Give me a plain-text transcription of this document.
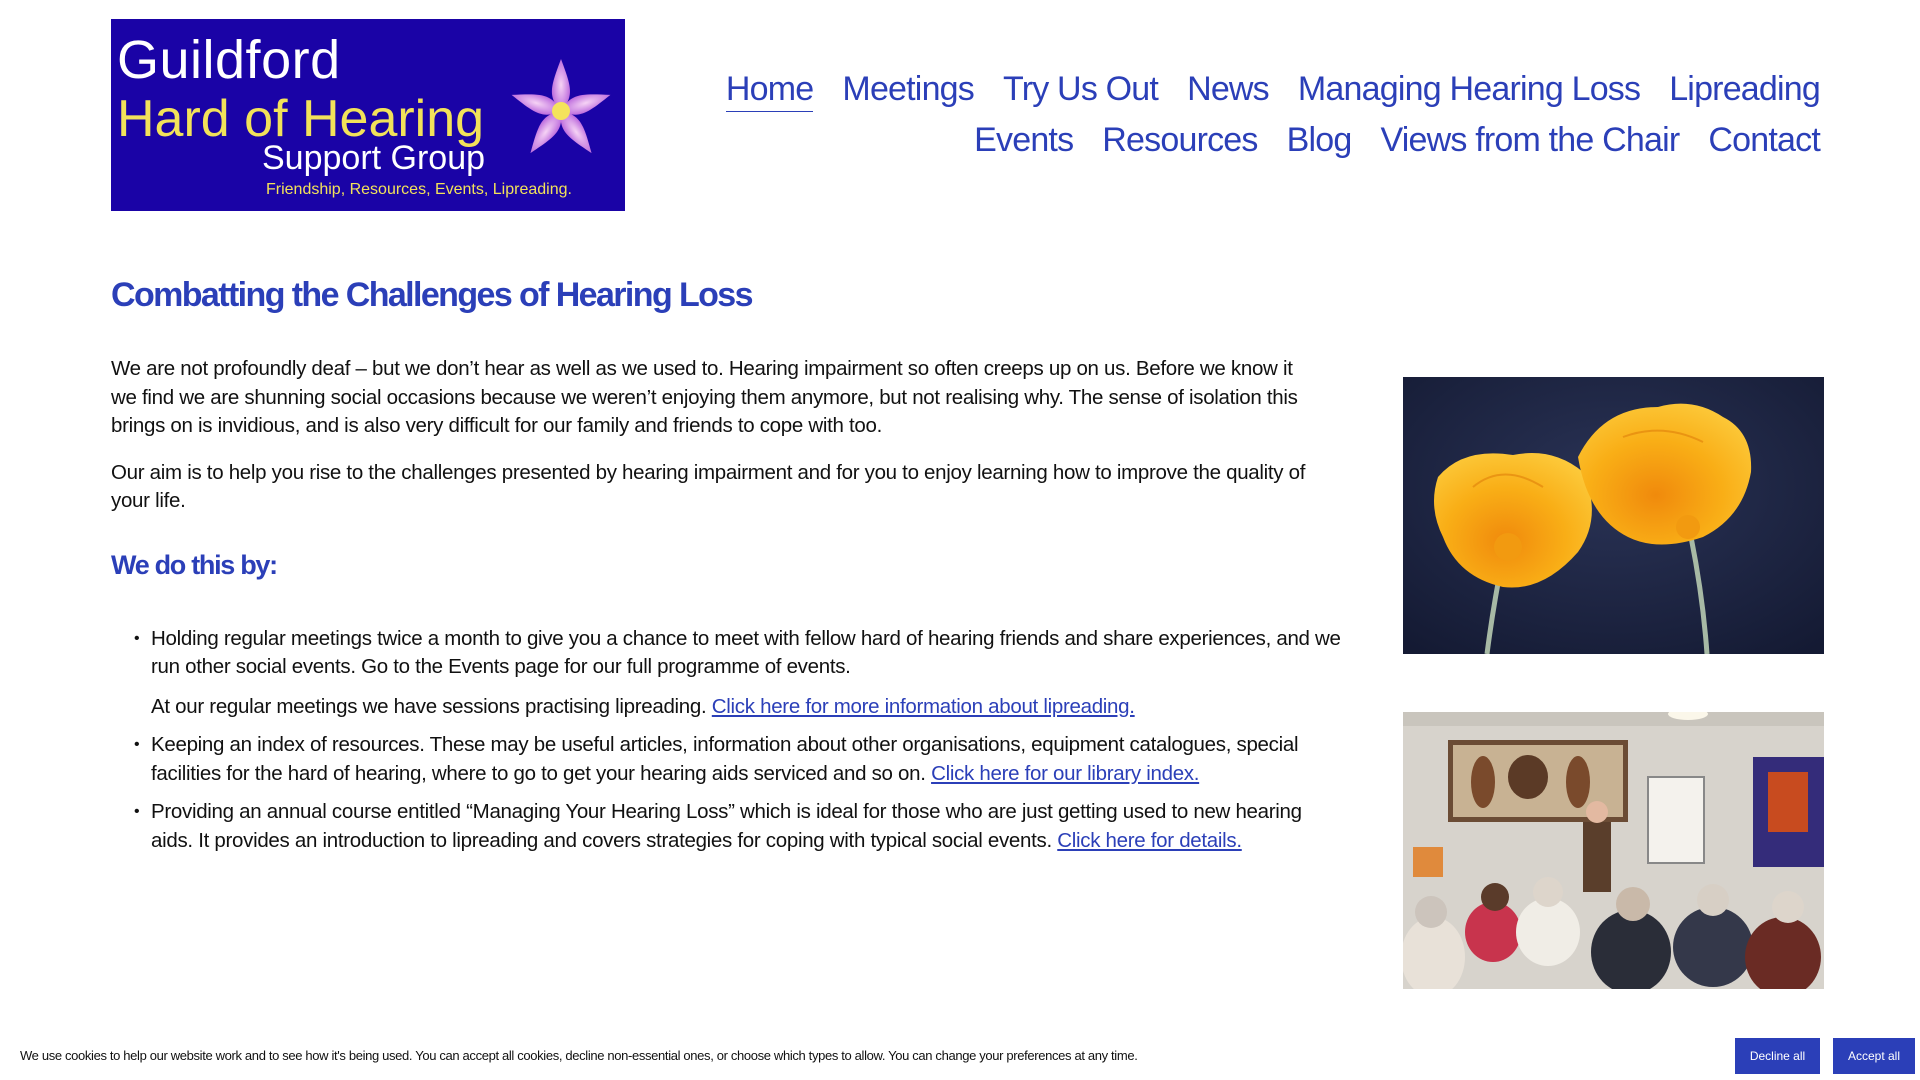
Guildford
Hard of Hearing
Support Group
Friendship, Resources, Events, Lipreading.
Home Meetings Try Us Out News Managing Hearing Loss Lipreading
Events Resources Blog Views from the Chair Contact
Combatting the Challenges of Hearing Loss

We are not profoundly deaf – but we don’t hear as well as we used to. Hearing impairment so often creeps up on us. Before we know it we find we are shunning social occasions because we weren’t enjoying them anymore, but not realising why. The sense of isolation this brings on is invidious, and is also very difficult for our family and friends to cope with too.

Our aim is to help you rise to the challenges presented by hearing impairment and for you to enjoy learning how to improve the quality of your life.

We do this by:
• Holding regular meetings twice a month to give you a chance to meet with fellow hard of hearing friends and share experiences, and we run other social events. Go to the Events page for our full programme of events.
At our regular meetings we have sessions practising lipreading. Click here for more information about lipreading.
• Keeping an index of resources. These may be useful articles, information about other organisations, equipment catalogues, special facilities for the hard of hearing, where to go to get your hearing aids serviced and so on. Click here for our library index.
• Providing an annual course entitled “Managing Your Hearing Loss” which is ideal for those who are just getting used to new hearing aids. It provides an introduction to lipreading and covers strategies for coping with typical social events. Click here for details.
We use cookies to help our website work and to see how it's being used. You can accept all cookies, decline non-essential ones, or choose which types to allow. You can change your preferences at any time.	Decline all	Accept all
